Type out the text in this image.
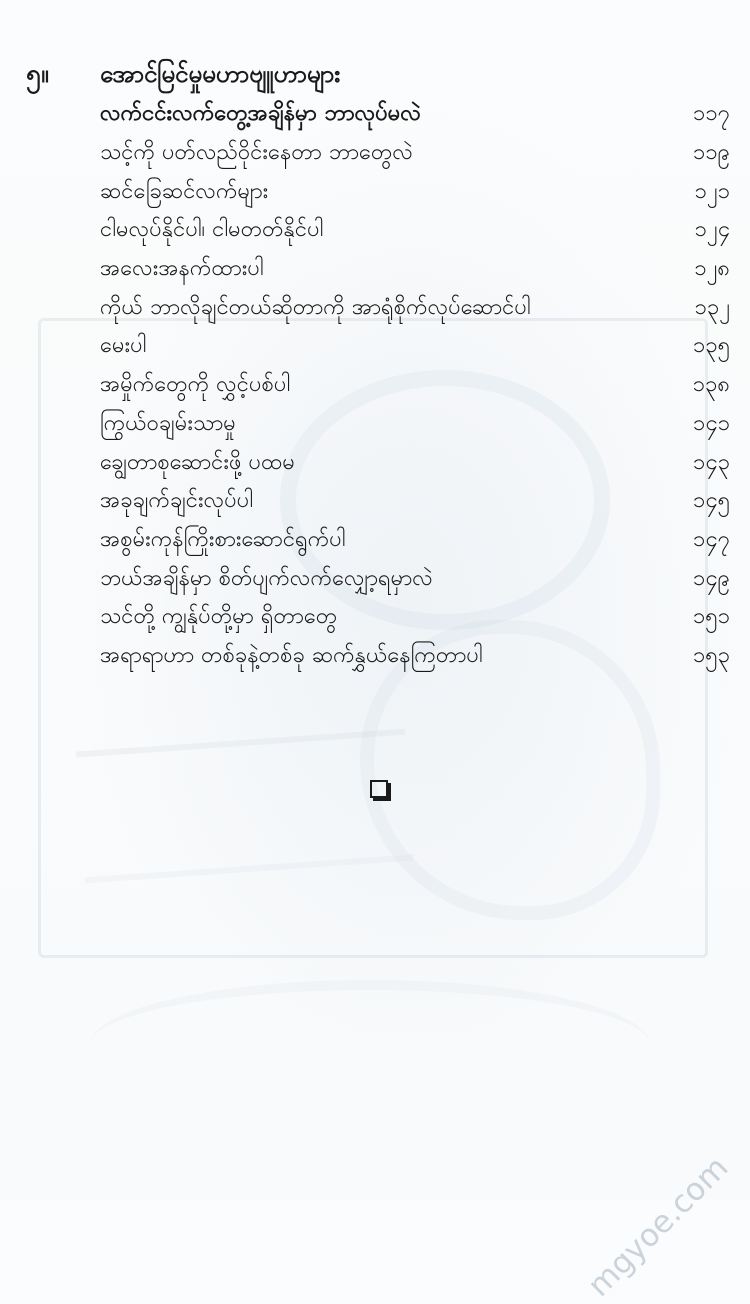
၅။ အောင်မြင်မှုမဟာဗျူဟာများ
လက်ငင်းလက်တွေ့အချိန်မှာ ဘာလုပ်မလဲ	၁၁၇
သင့်ကို ပတ်လည်ဝိုင်းနေတာ ဘာတွေလဲ	၁၁၉
ဆင်ခြေဆင်လက်များ	၁၂၁
ငါမလုပ်နိုင်ပါ၊ ငါမတတ်နိုင်ပါ	၁၂၄
အလေးအနက်ထားပါ	၁၂၈
ကိုယ် ဘာလိုချင်တယ်ဆိုတာကို အာရုံစိုက်လုပ်ဆောင်ပါ	၁၃၂
မေးပါ	၁၃၅
အမှိုက်တွေကို လွှင့်ပစ်ပါ	၁၃၈
ကြွယ်ဝချမ်းသာမှု	၁၄၁
ချွေတာစုဆောင်းဖို့ ပထမ	၁၄၃
အခုချက်ချင်းလုပ်ပါ	၁၄၅
အစွမ်းကုန်ကြိုးစားဆောင်ရွက်ပါ	၁၄၇
ဘယ်အချိန်မှာ စိတ်ပျက်လက်လျှော့ရမှာလဲ	၁၄၉
သင်တို့ ကျွန်ုပ်တို့မှာ ရှိတာတွေ	၁၅၁
အရာရာဟာ တစ်ခုနဲ့တစ်ခု ဆက်နွှယ်နေကြတာပါ	၁၅၃
mgyoe.com
